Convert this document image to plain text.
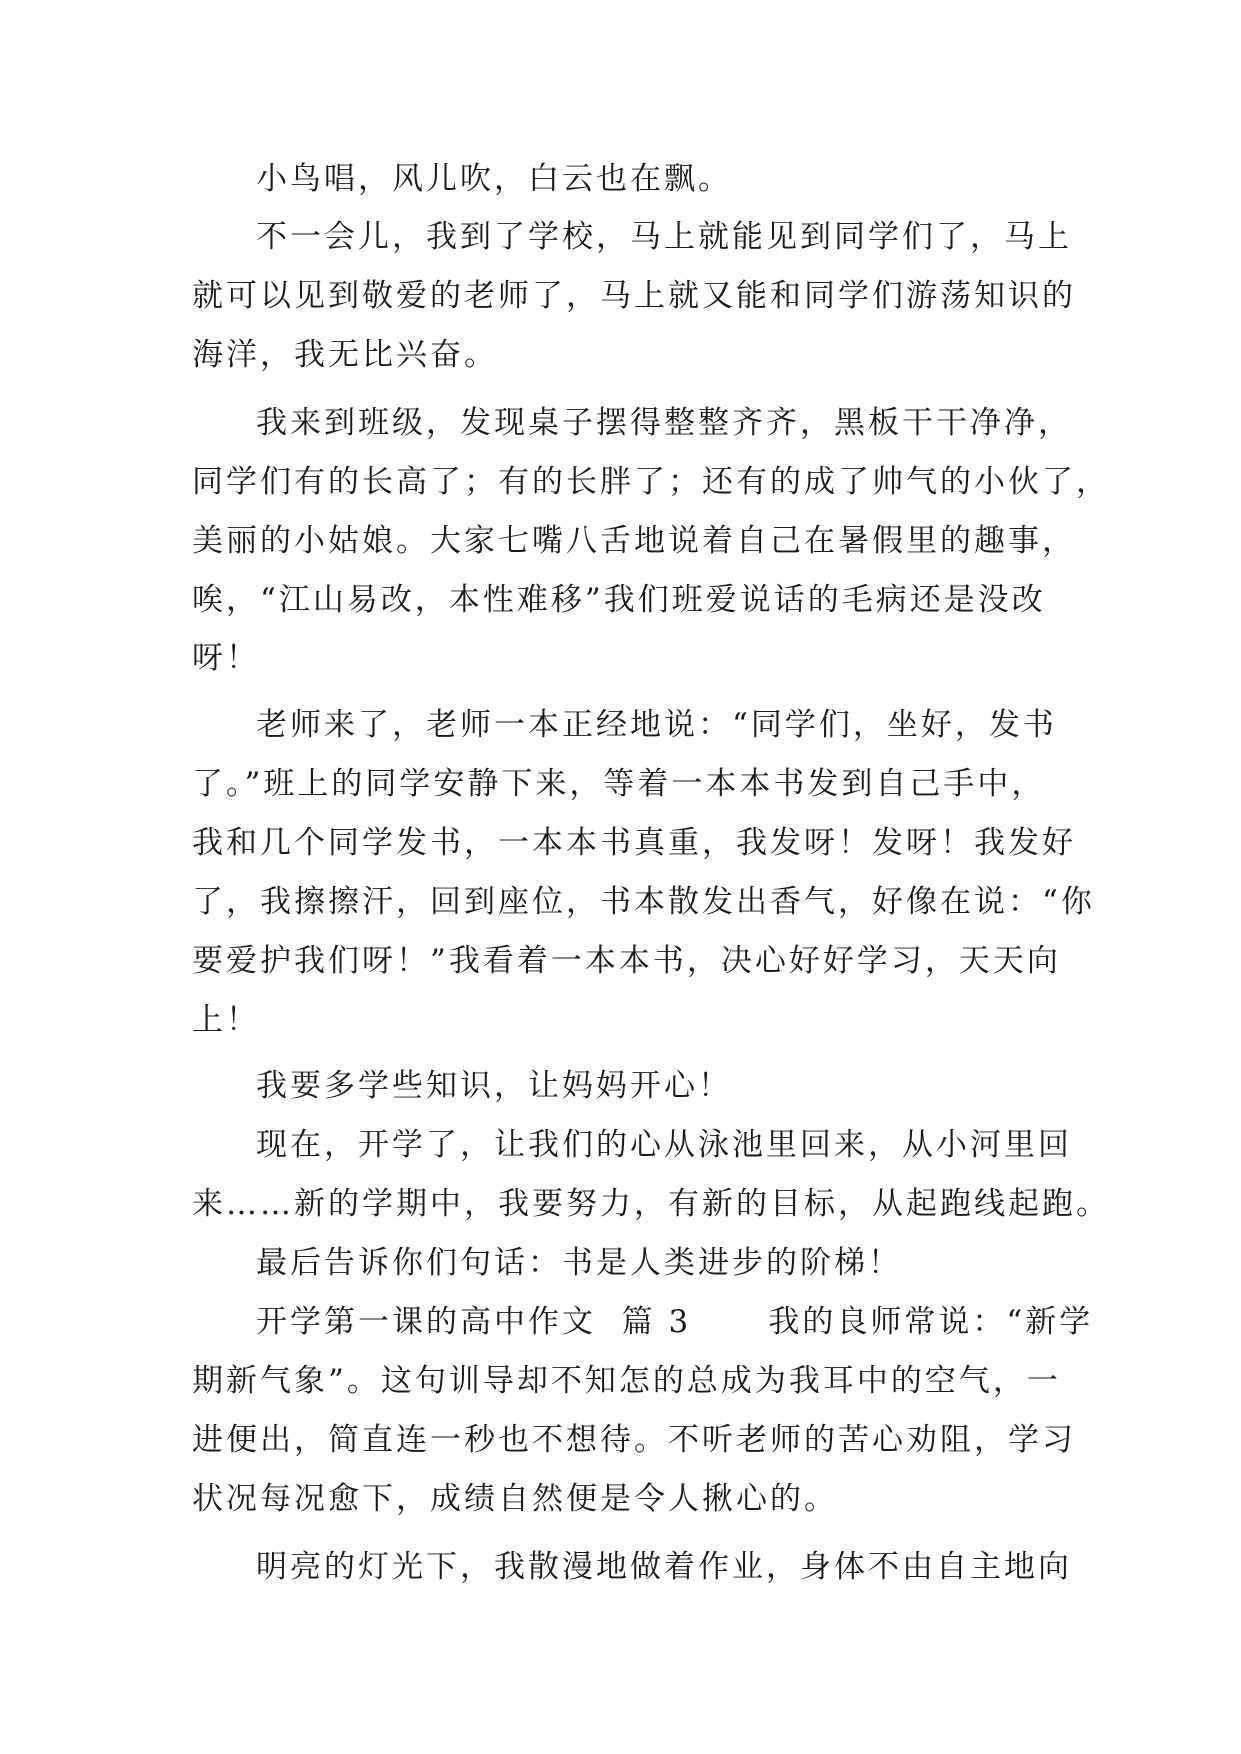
小鸟唱，风儿吹，白云也在飘。
不一会儿，我到了学校，马上就能见到同学们了，马上
就可以见到敬爱的老师了，马上就又能和同学们游荡知识的
海洋，我无比兴奋。
我来到班级，发现桌子摆得整整齐齐，黑板干干净净，
同学们有的长高了；有的长胖了；还有的成了帅气的小伙了，
美丽的小姑娘。大家七嘴八舌地说着自己在暑假里的趣事，
唉，“江山易改，本性难移”我们班爱说话的毛病还是没改
呀！
老师来了，老师一本正经地说：“同学们，坐好，发书
了。”班上的同学安静下来，等着一本本书发到自己手中，
我和几个同学发书，一本本书真重，我发呀！发呀！我发好
了，我擦擦汗，回到座位，书本散发出香气，好像在说：“你
要爱护我们呀！”我看着一本本书，决心好好学习，天天向
上！
我要多学些知识，让妈妈开心！
现在，开学了，让我们的心从泳池里回来，从小河里回
来……新的学期中，我要努力，有新的目标，从起跑线起跑。
最后告诉你们句话：书是人类进步的阶梯！
开学第一课的高中作文  篇 3      我的良师常说：“新学
期新气象”。这句训导却不知怎的总成为我耳中的空气，一
进便出，简直连一秒也不想待。不听老师的苦心劝阻，学习
状况每况愈下，成绩自然便是令人揪心的。
明亮的灯光下，我散漫地做着作业，身体不由自主地向
